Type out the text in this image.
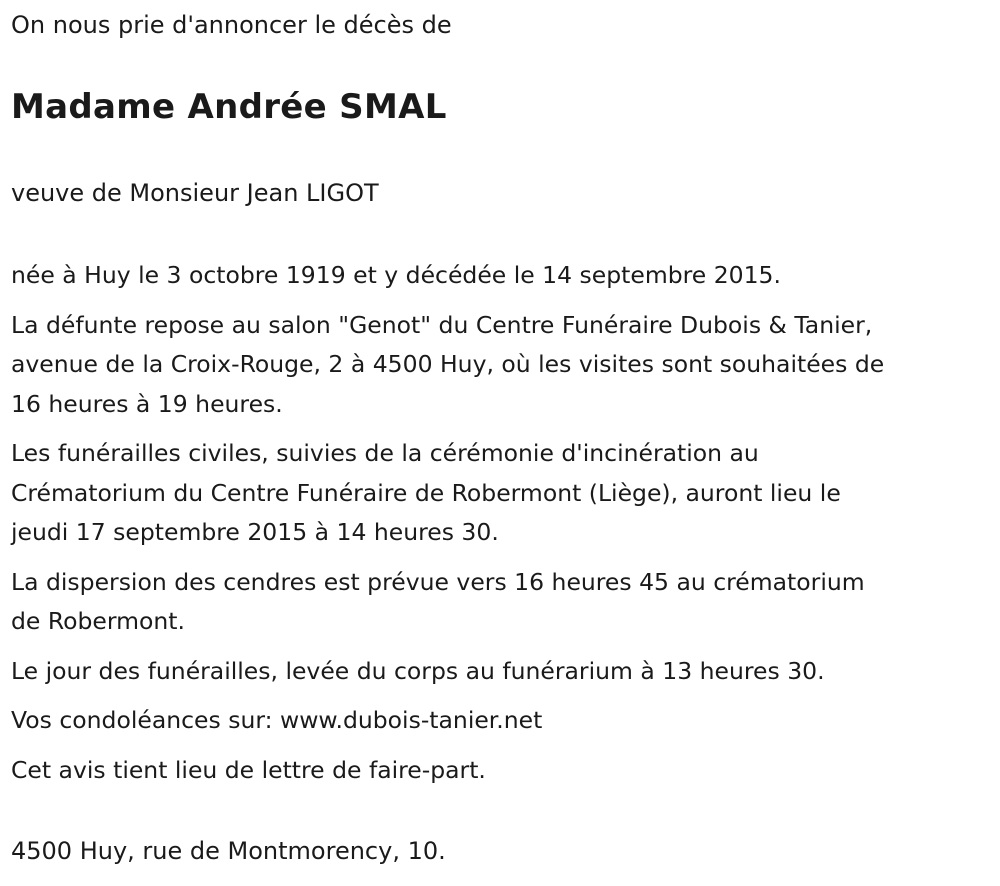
On nous prie d'annoncer le décès de
Madame Andrée SMAL
veuve de Monsieur Jean LIGOT
née à Huy le 3 octobre 1919 et y décédée le 14 septembre 2015.
La défunte repose au salon "Genot" du Centre Funéraire Dubois & Tanier,
avenue de la Croix-Rouge, 2 à 4500 Huy, où les visites sont souhaitées de
16 heures à 19 heures.
Les funérailles civiles, suivies de la cérémonie d'incinération au
Crématorium du Centre Funéraire de Robermont (Liège), auront lieu le
jeudi 17 septembre 2015 à 14 heures 30.
La dispersion des cendres est prévue vers 16 heures 45 au crématorium
de Robermont.
Le jour des funérailles, levée du corps au funérarium à 13 heures 30.
Vos condoléances sur: www.dubois-tanier.net
Cet avis tient lieu de lettre de faire-part.
4500 Huy, rue de Montmorency, 10.
